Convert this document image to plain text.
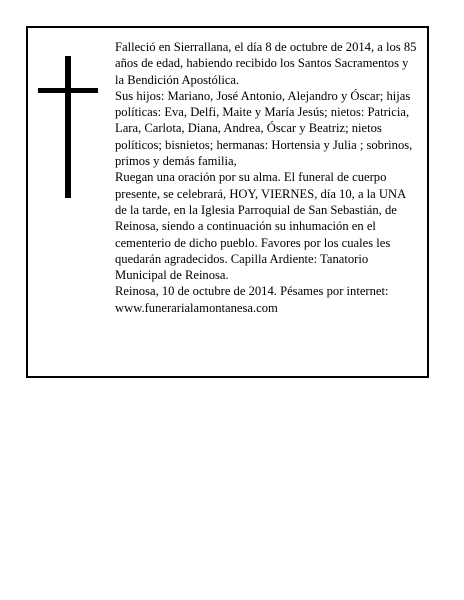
Falleció en Sierrallana, el día 8 de octubre de 2014, a los 85 años de edad, habiendo recibido los Santos Sacramentos y la Bendición Apostólica.

Sus hijos: Mariano, José Antonio, Alejandro y Óscar; hijas políticas: Eva, Delfi, Maite y María Jesús; nietos: Patricia, Lara, Carlota, Diana, Andrea, Óscar y Beatriz; nietos políticos; bisnietos; hermanas: Hortensia y Julia ; sobrinos, primos y demás familia,

Ruegan una oración por su alma. El funeral de cuerpo presente, se celebrará, HOY, VIERNES, día 10, a la UNA de la tarde, en la Iglesia Parroquial de San Sebastián, de Reinosa, siendo a continuación su inhumación en el cementerio de dicho pueblo. Favores por los cuales les quedarán agradecidos. Capilla Ardiente: Tanatorio Municipal de Reinosa.

Reinosa, 10 de octubre de 2014. Pésames por internet: www.funerarialamontanesa.com
